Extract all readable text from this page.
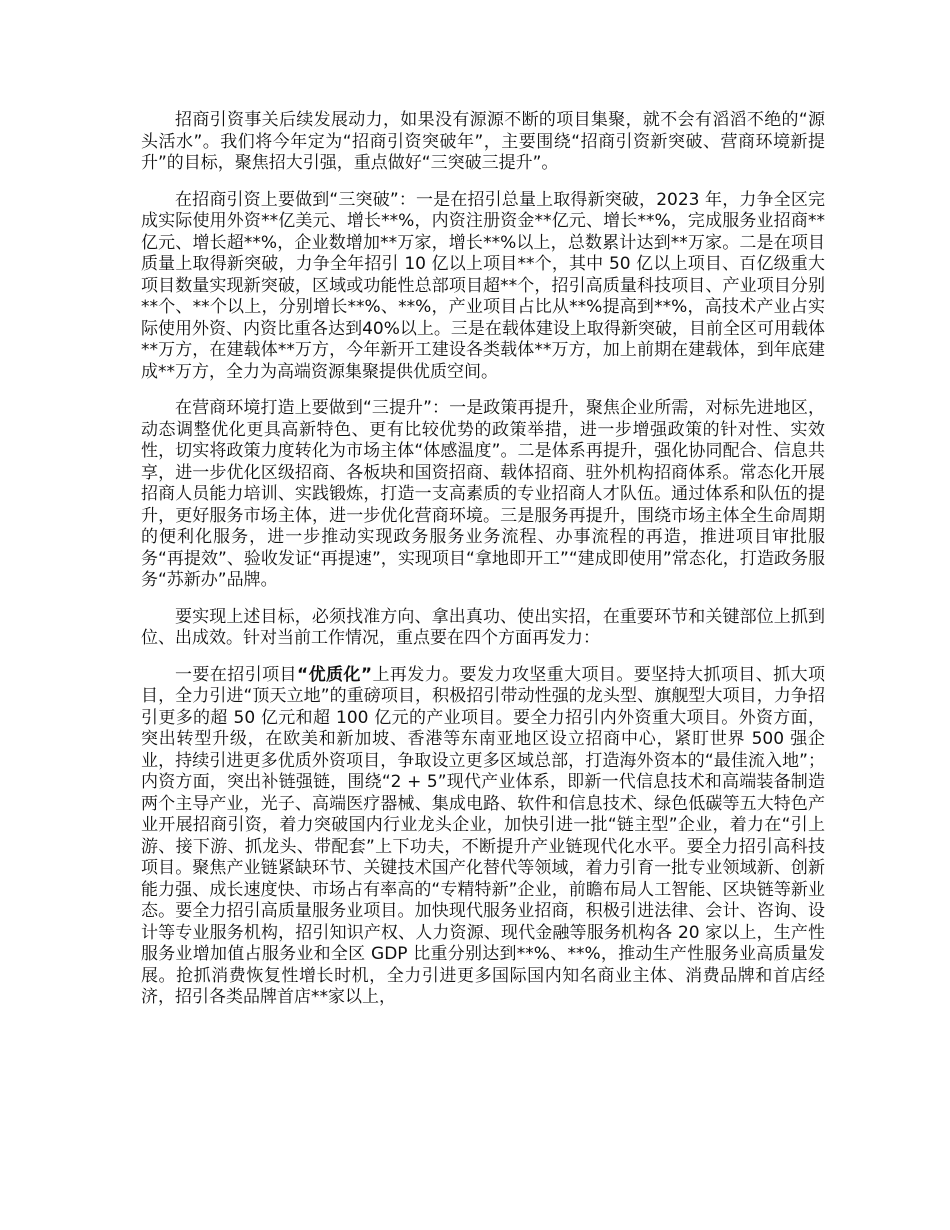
招商引资事关后续发展动力，如果没有源源不断的项目集聚，就不会有滔滔不绝的“源头活水”。我们将今年定为“招商引资突破年”，主要围绕“招商引资新突破、营商环境新提升”的目标，聚焦招大引强，重点做好“三突破三提升”。

在招商引资上要做到“三突破”：一是在招引总量上取得新突破，2023 年，力争全区完成实际使用外资**亿美元、增长**%，内资注册资金**亿元、增长**%，完成服务业招商**亿元、增长超**%，企业数增加**万家，增长**%以上，总数累计达到**万家。二是在项目质量上取得新突破，力争全年招引 10 亿以上项目**个，其中 50 亿以上项目、百亿级重大项目数量实现新突破，区域或功能性总部项目超**个，招引高质量科技项目、产业项目分别**个、**个以上，分别增长**%、**%，产业项目占比从**%提高到**%，高技术产业占实际使用外资、内资比重各达到40%以上。三是在载体建设上取得新突破，目前全区可用载体**万方，在建载体**万方，今年新开工建设各类载体**万方，加上前期在建载体，到年底建成**万方，全力为高端资源集聚提供优质空间。

在营商环境打造上要做到“三提升”：一是政策再提升，聚焦企业所需，对标先进地区，动态调整优化更具高新特色、更有比较优势的政策举措，进一步增强政策的针对性、实效性，切实将政策力度转化为市场主体“体感温度”。二是体系再提升，强化协同配合、信息共享，进一步优化区级招商、各板块和国资招商、载体招商、驻外机构招商体系。常态化开展招商人员能力培训、实践锻炼，打造一支高素质的专业招商人才队伍。通过体系和队伍的提升，更好服务市场主体，进一步优化营商环境。三是服务再提升，围绕市场主体全生命周期的便利化服务，进一步推动实现政务服务业务流程、办事流程的再造，推进项目审批服务“再提效”、验收发证“再提速”，实现项目“拿地即开工”“建成即使用”常态化，打造政务服务“苏新办”品牌。

要实现上述目标，必须找准方向、拿出真功、使出实招，在重要环节和关键部位上抓到位、出成效。针对当前工作情况，重点要在四个方面再发力：

一要在招引项目“优质化”上再发力。要发力攻坚重大项目。要坚持大抓项目、抓大项目，全力引进“顶天立地”的重磅项目，积极招引带动性强的龙头型、旗舰型大项目，力争招引更多的超 50 亿元和超 100 亿元的产业项目。要全力招引内外资重大项目。外资方面，突出转型升级，在欧美和新加坡、香港等东南亚地区设立招商中心，紧盯世界 500 强企业，持续引进更多优质外资项目，争取设立更多区域总部，打造海外资本的“最佳流入地”；内资方面，突出补链强链，围绕“2 + 5”现代产业体系，即新一代信息技术和高端装备制造两个主导产业，光子、高端医疗器械、集成电路、软件和信息技术、绿色低碳等五大特色产业开展招商引资，着力突破国内行业龙头企业，加快引进一批“链主型”企业，着力在“引上游、接下游、抓龙头、带配套”上下功夫，不断提升产业链现代化水平。要全力招引高科技项目。聚焦产业链紧缺环节、关键技术国产化替代等领域，着力引育一批专业领域新、创新能力强、成长速度快、市场占有率高的“专精特新”企业，前瞻布局人工智能、区块链等新业态。要全力招引高质量服务业项目。加快现代服务业招商，积极引进法律、会计、咨询、设计等专业服务机构，招引知识产权、人力资源、现代金融等服务机构各 20 家以上，生产性服务业增加值占服务业和全区 GDP 比重分别达到**%、**%，推动生产性服务业高质量发展。抢抓消费恢复性增长时机，全力引进更多国际国内知名商业主体、消费品牌和首店经济，招引各类品牌首店**家以上，
